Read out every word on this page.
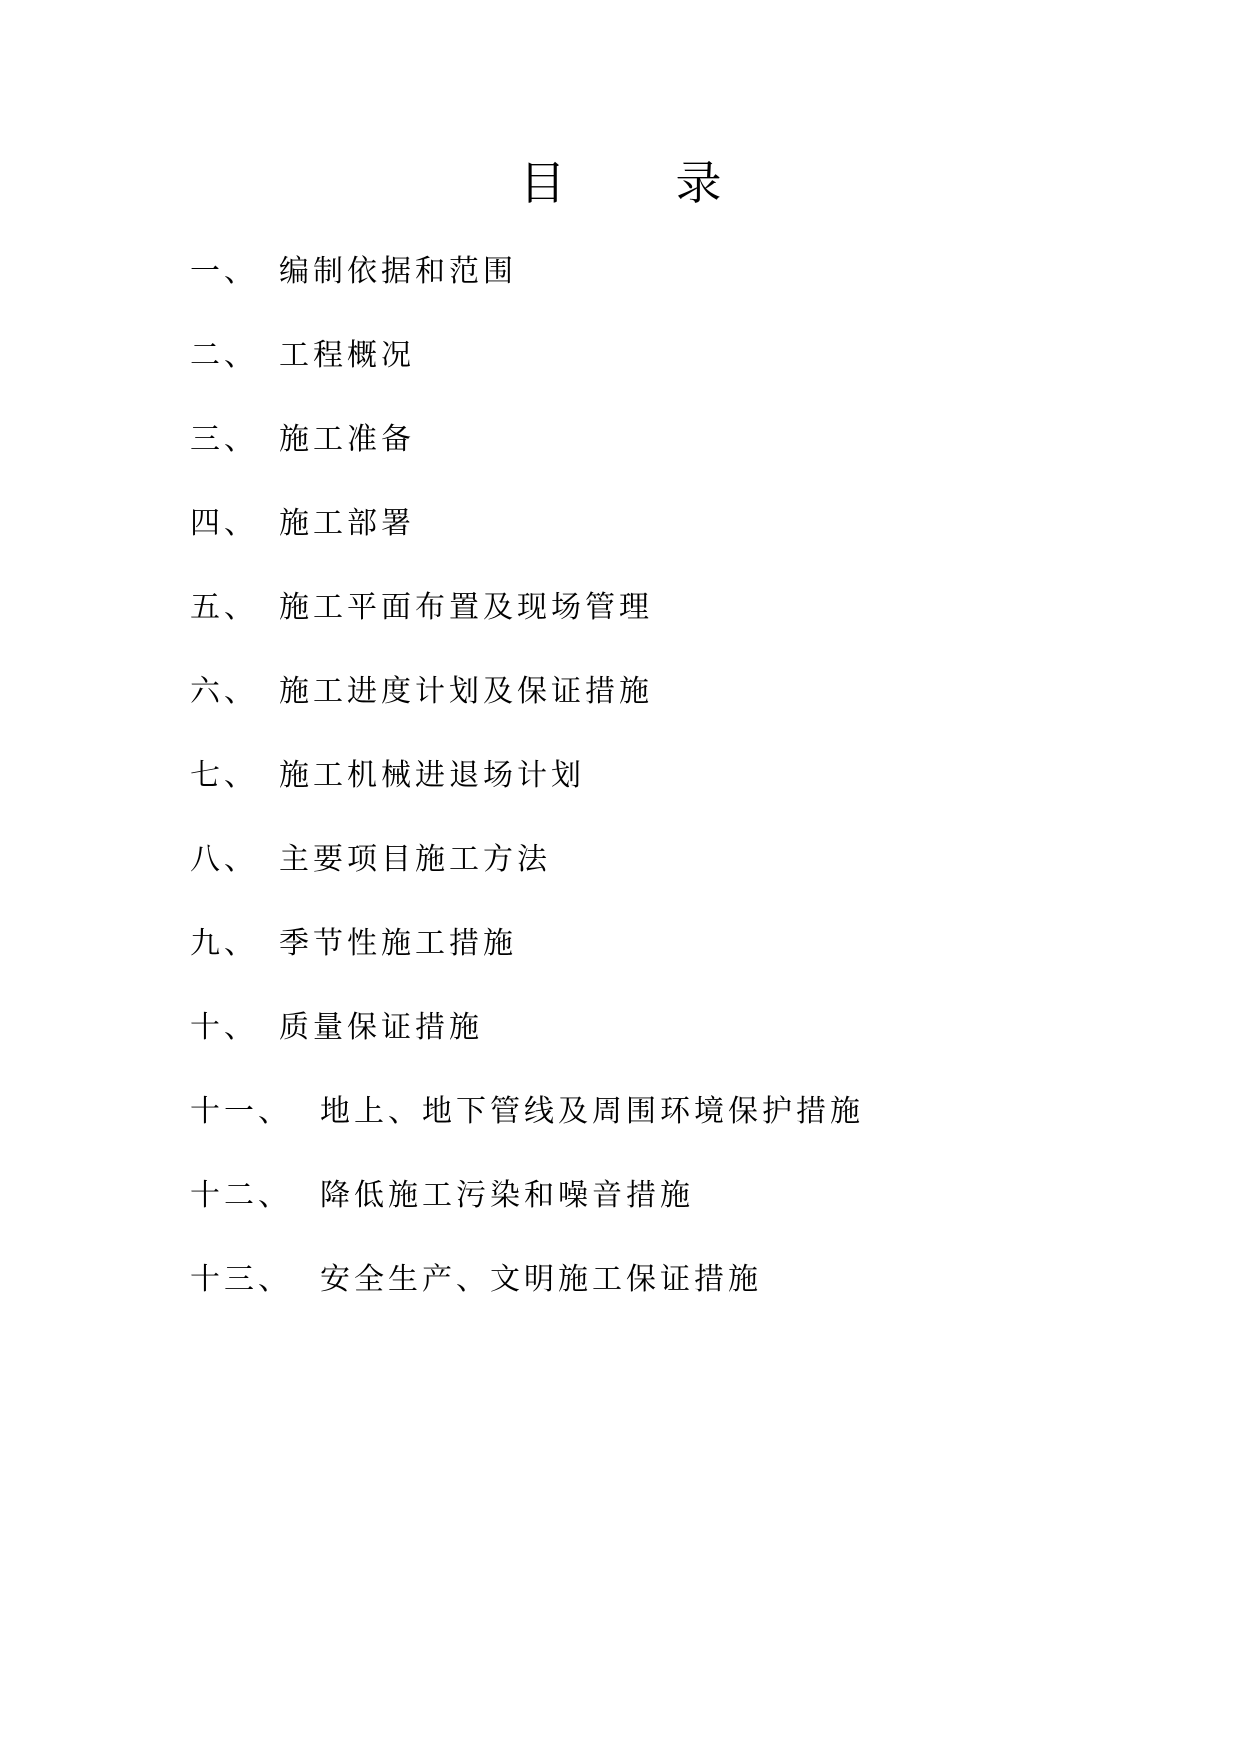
目 录
一、 编制依据和范围
二、 工程概况
三、 施工准备
四、 施工部署
五、 施工平面布置及现场管理
六、 施工进度计划及保证措施
七、 施工机械进退场计划
八、 主要项目施工方法
九、 季节性施工措施
十、 质量保证措施
十一、 地上、地下管线及周围环境保护措施
十二、 降低施工污染和噪音措施
十三、 安全生产、文明施工保证措施
